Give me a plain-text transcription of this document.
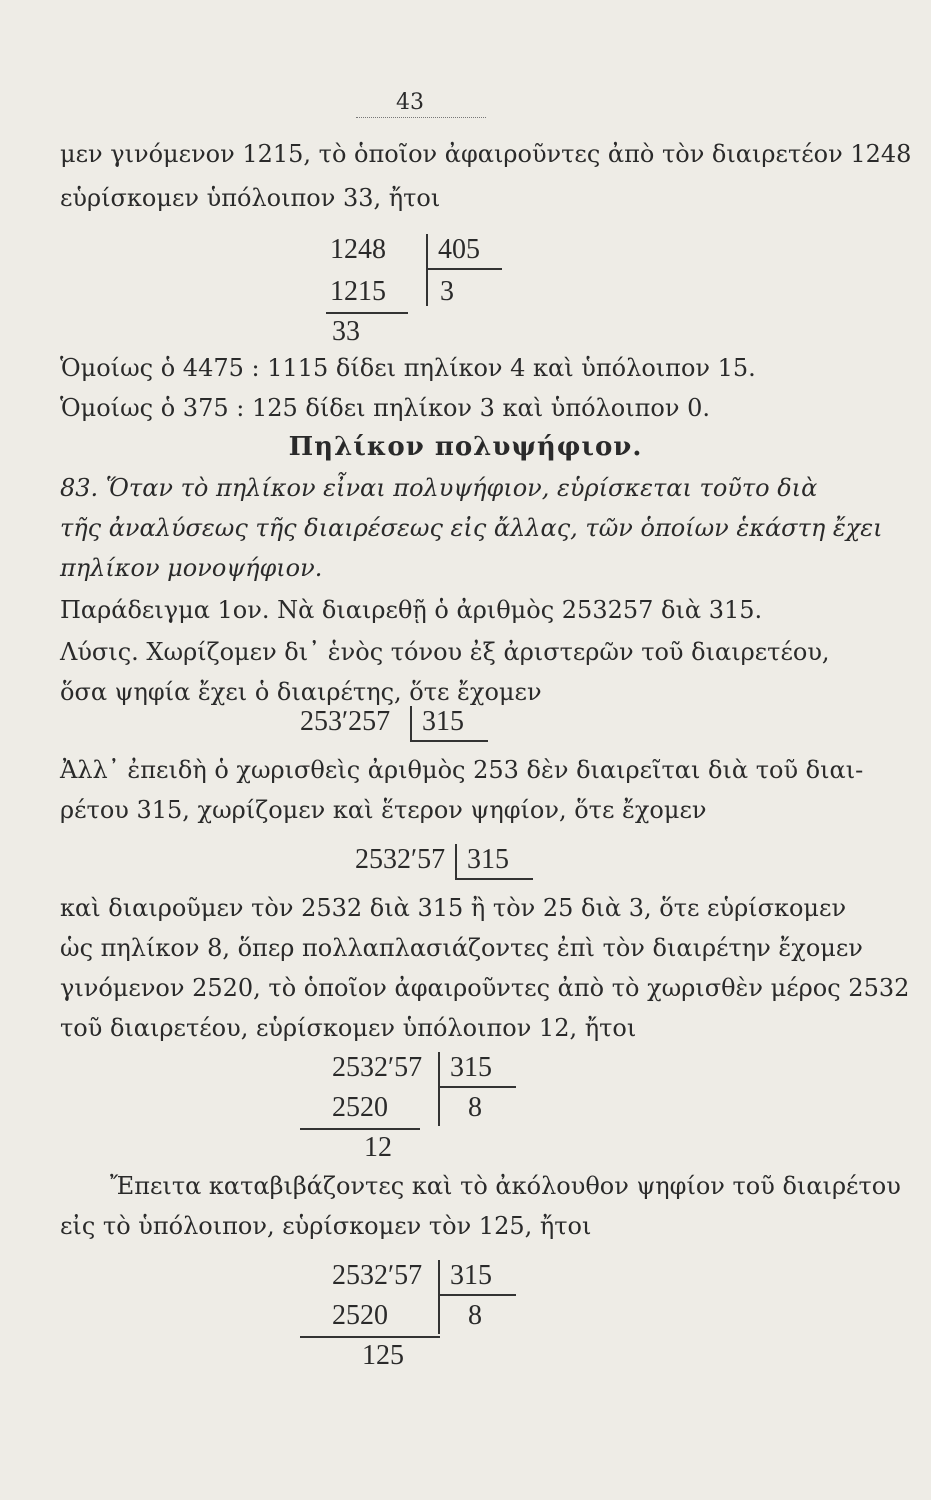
43
μεν γινόμενον 1215, τὸ ὁποῖον ἀφαιροῦντες ἀπὸ τὸν διαιρετέον 1248
εὑρίσκομεν ὑπόλοιπον 33, ἤτοι
1248 405
1215 3
33
Ὁμοίως ὁ 4475 : 1115 δίδει πηλίκον 4 καὶ ὑπόλοιπον 15.
Ὁμοίως ὁ 375 : 125 δίδει πηλίκον 3 καὶ ὑπόλοιπον 0.
Πηλίκον πολυψήφιον.
83. Ὅταν τὸ πηλίκον εἶναι πολυψήφιον, εὑρίσκεται τοῦτο διὰ
τῆς ἀναλύσεως τῆς διαιρέσεως εἰς ἄλλας, τῶν ὁποίων ἑκάστη ἔχει
πηλίκον μονοψήφιον.
Παράδειγμα 1ον. Νὰ διαιρεθῇ ὁ ἀριθμὸς 253257 διὰ 315.
Λύσις. Χωρίζομεν δι᾽ ἑνὸς τόνου ἐξ ἀριστερῶν τοῦ διαιρετέου,
ὅσα ψηφία ἔχει ὁ διαιρέτης, ὅτε ἔχομεν
253ʹ257 315
Ἀλλ᾽ ἐπειδὴ ὁ χωρισθεὶς ἀριθμὸς 253 δὲν διαιρεῖται διὰ τοῦ διαι-
ρέτου 315, χωρίζομεν καὶ ἕτερον ψηφίον, ὅτε ἔχομεν
2532ʹ57 315
καὶ διαιροῦμεν τὸν 2532 διὰ 315 ἢ τὸν 25 διὰ 3, ὅτε εὑρίσκομεν
ὡς πηλίκον 8, ὅπερ πολλαπλασιάζοντες ἐπὶ τὸν διαιρέτην ἔχομεν
γινόμενον 2520, τὸ ὁποῖον ἀφαιροῦντες ἀπὸ τὸ χωρισθὲν μέρος 2532
τοῦ διαιρετέου, εὑρίσκομεν ὑπόλοιπον 12, ἤτοι
2532ʹ57 315
2520	8
12
Ἔπειτα καταβιβάζοντες καὶ τὸ ἀκόλουθον ψηφίον τοῦ διαιρέτου
εἰς τὸ ὑπόλοιπον, εὑρίσκομεν τὸν 125, ἤτοι
2532ʹ57 315
2520	8
125
